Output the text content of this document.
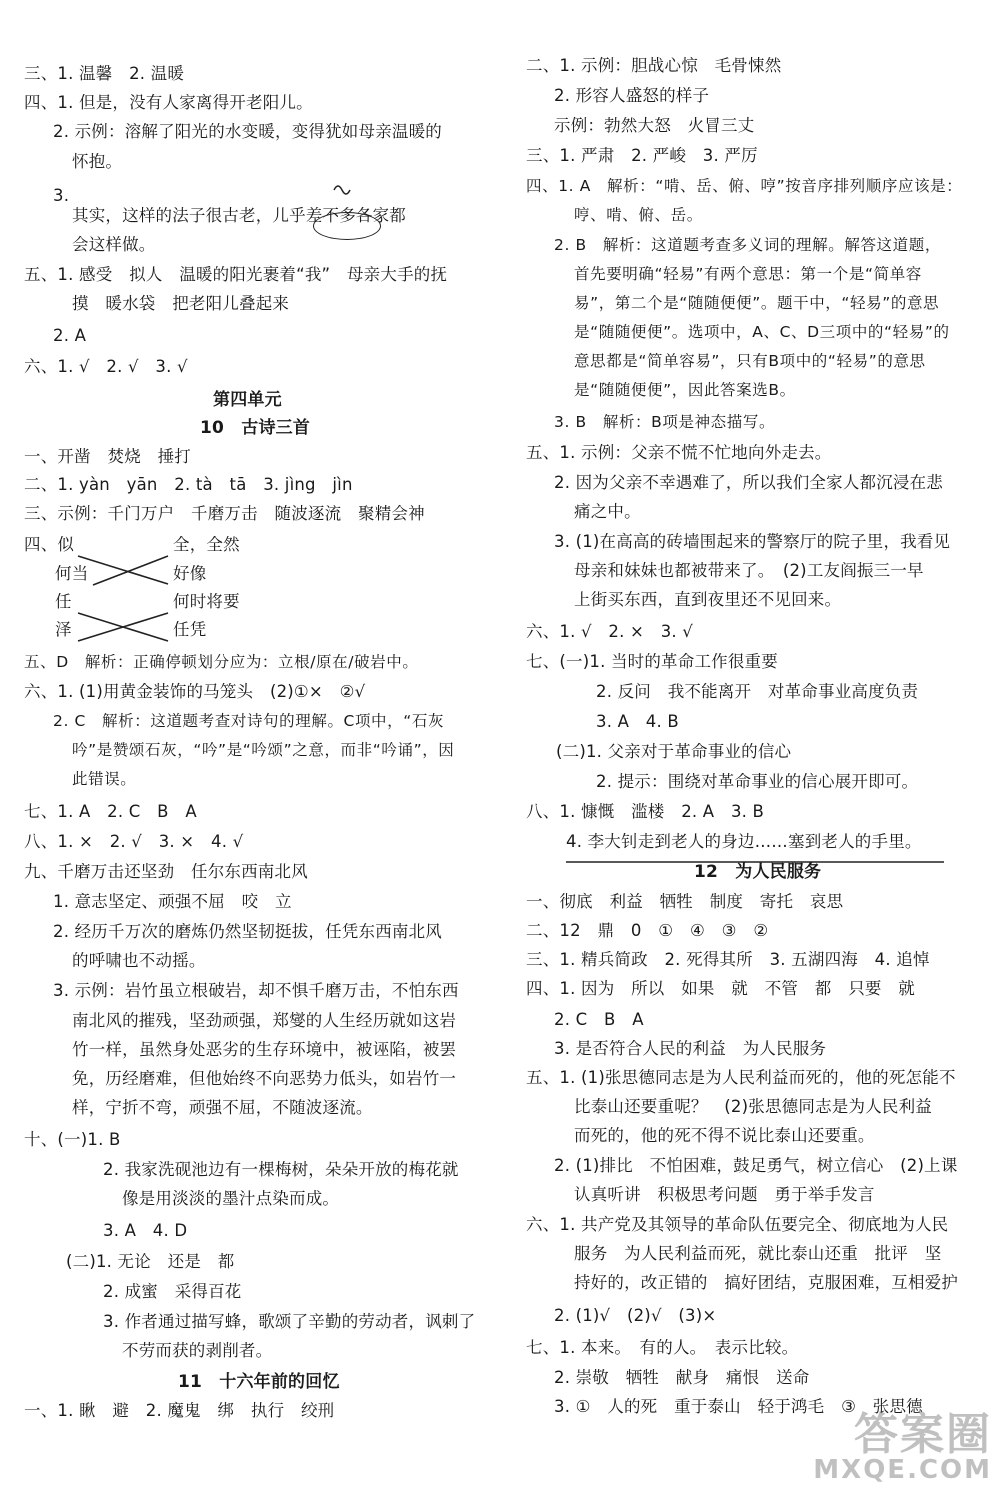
三、1. 温馨　2. 温暖
四、1. 但是，没有人家离得开老阳儿。
2. 示例：溶解了阳光的水变暖，变得犹如母亲温暖的
怀抱。
3.
其实，这样的法子很古老，儿乎差不多各家都
会这样做。
五、1. 感受　拟人　温暖的阳光裹着“我”　母亲大手的抚
摸　暖水袋　把老阳儿叠起来
2. A
六、1. √　2. √　3. √
第四单元
10　古诗三首
一、开凿　焚烧　捶打
二、1. yàn　yān　2. tà　tā　3. jìng　jìn
三、示例：千门万户　千磨万击　随波逐流　聚精会神
四、似
何当
任
泽
全，全然
好像
何时将要
任凭
五、D　解析：正确停顿划分应为：立根/原在/破岩中。
六、1. (1)用黄金装饰的马笼头　(2)①×　②√
2. C　解析：这道题考查对诗句的理解。C项中，“石灰
吟”是赞颂石灰，“吟”是“吟颂”之意，而非“吟诵”，因
此错误。
七、1. A　2. C　B　A
八、1. ×　2. √　3. ×　4. √
九、千磨万击还坚劲　任尔东西南北风
1. 意志坚定、顽强不屈　咬　立
2. 经历千万次的磨炼仍然坚韧挺拔，任凭东西南北风
的呼啸也不动摇。
3. 示例：岩竹虽立根破岩，却不惧千磨万击，不怕东西
南北风的摧残，坚劲顽强，郑燮的人生经历就如这岩
竹一样，虽然身处恶劣的生存环境中，被诬陷，被罢
免，历经磨难，但他始终不向恶势力低头，如岩竹一
样，宁折不弯，顽强不屈，不随波逐流。
十、(一)1. B
2. 我家洗砚池边有一棵梅树，朵朵开放的梅花就
像是用淡淡的墨汁点染而成。
3. A　4. D
(二)1. 无论　还是　都
2. 成蜜　采得百花
3. 作者通过描写蜂，歌颂了辛勤的劳动者，讽刺了
不劳而获的剥削者。
11　十六年前的回忆
一、1. 瞅　避　2. 魔鬼　绑　执行　绞刑
二、1. 示例：胆战心惊　毛骨悚然
2. 形容人盛怒的样子
示例：勃然大怒　火冒三丈
三、1. 严肃　2. 严峻　3. 严厉
四、1. A　解析：“啃、岳、俯、哼”按音序排列顺序应该是：
哼、啃、俯、岳。
2. B　解析：这道题考查多义词的理解。解答这道题，
首先要明确“轻易”有两个意思：第一个是“简单容
易”，第二个是“随随便便”。题干中，“轻易”的意思
是“随随便便”。选项中，A、C、D三项中的“轻易”的
意思都是“简单容易”，只有B项中的“轻易”的意思
是“随随便便”，因此答案选B。
3. B　解析：B项是神态描写。
五、1. 示例：父亲不慌不忙地向外走去。
2. 因为父亲不幸遇难了，所以我们全家人都沉浸在悲
痛之中。
3. (1)在高高的砖墙围起来的警察厅的院子里，我看见
母亲和妹妹也都被带来了。　(2)工友阎振三一早
上街买东西，直到夜里还不见回来。
六、1. √　2. ×　3. √
七、(一)1. 当时的革命工作很重要
2. 反问　我不能离开　对革命事业高度负责
3. A　4. B
(二)1. 父亲对于革命事业的信心
2. 提示：围绕对革命事业的信心展开即可。
八、1. 慷慨　滥楼　2. A　3. B
4. 李大钊走到老人的身边……塞到老人的手里。
12　为人民服务
一、彻底　利益　牺牲　制度　寄托　哀思
二、12　鼎　0　①　④　③　②
三、1. 精兵简政　2. 死得其所　3. 五湖四海　4. 追悼
四、1. 因为　所以　如果　就　不管　都　只要　就
2. C　B　A
3. 是否符合人民的利益　为人民服务
五、1. (1)张思德同志是为人民利益而死的，他的死怎能不
比泰山还要重呢？　(2)张思德同志是为人民利益
而死的，他的死不得不说比泰山还要重。
2. (1)排比　不怕困难，鼓足勇气，树立信心　(2)上课
认真听讲　积极思考问题　勇于举手发言
六、1. 共产党及其领导的革命队伍要完全、彻底地为人民
服务　为人民利益而死，就比泰山还重　批评　坚
持好的，改正错的　搞好团结，克服困难，互相爱护
2. (1)√　(2)√　(3)×
七、1. 本来。　有的人。　表示比较。
2. 崇敬　牺牲　献身　痛恨　送命
3. ①　人的死　重于泰山　轻于鸿毛　③　张思德
答案圈
MXQE.COM
